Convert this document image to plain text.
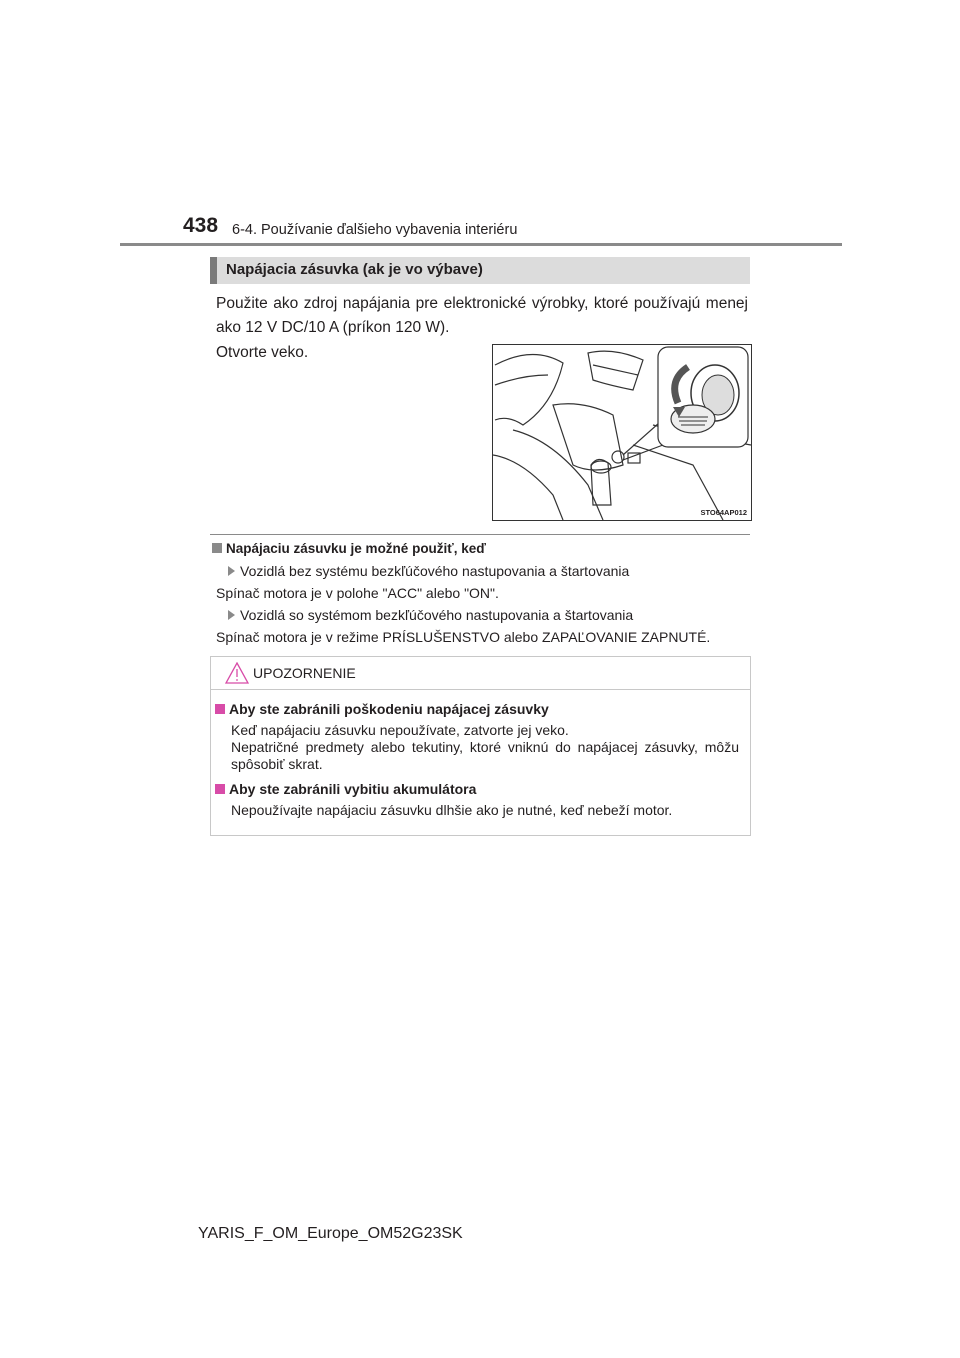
438 6-4. Používanie ďalšieho vybavenia interiéru
Napájacia zásuvka (ak je vo výbave)
Použite ako zdroj napájania pre elektronické výrobky, ktoré používajú menej ako 12 V DC/10 A (príkon 120 W).
Otvorte veko.
STO64AP012
Napájaciu zásuvku je možné použiť, keď
Vozidlá bez systému bezkľúčového nastupovania a štartovania
Spínač motora je v polohe "ACC" alebo "ON".
Vozidlá so systémom bezkľúčového nastupovania a štartovania
Spínač motora je v režime PRÍSLUŠENSTVO alebo ZAPAĽOVANIE ZAPNUTÉ.
UPOZORNENIE
Aby ste zabránili poškodeniu napájacej zásuvky
Keď napájaciu zásuvku nepoužívate, zatvorte jej veko.
Nepatričné predmety alebo tekutiny, ktoré vniknú do napájacej zásuvky, môžu spôsobiť skrat.
Aby ste zabránili vybitiu akumulátora
Nepoužívajte napájaciu zásuvku dlhšie ako je nutné, keď nebeží motor.
YARIS_F_OM_Europe_OM52G23SK
